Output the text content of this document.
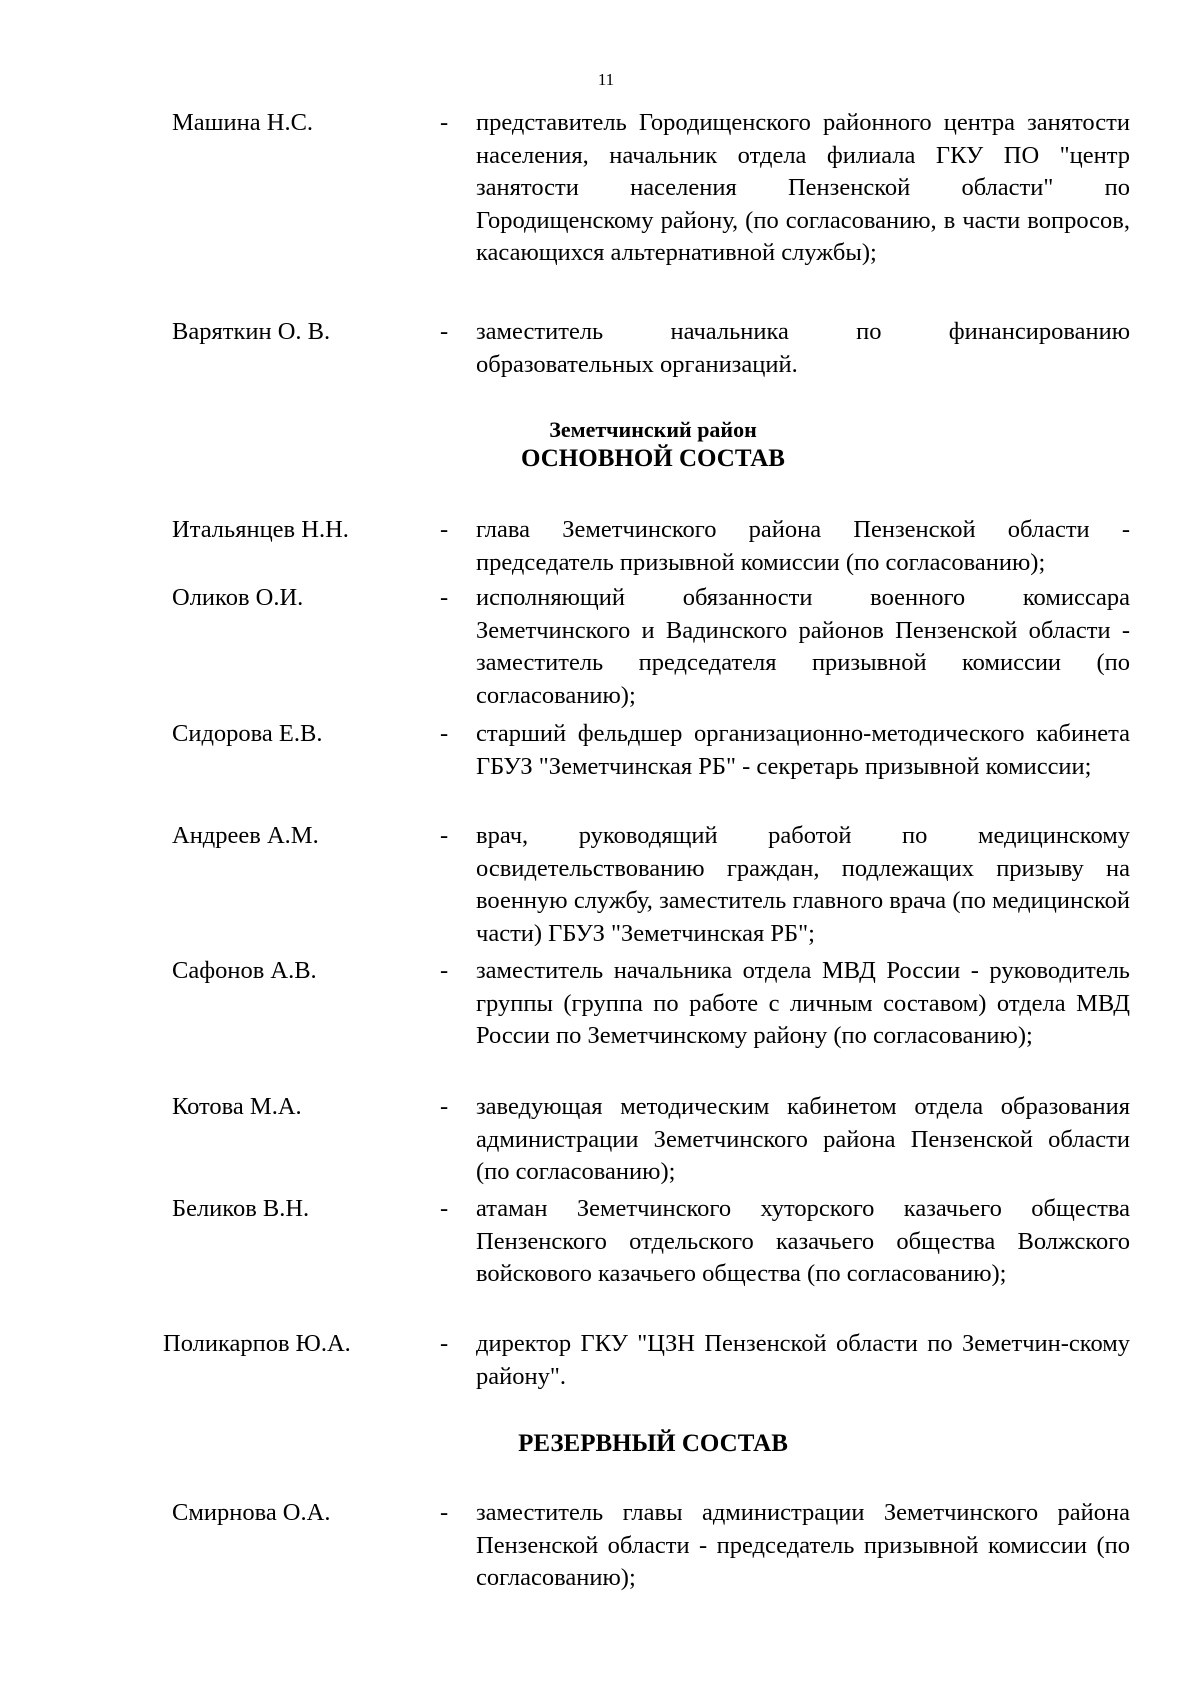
11
Машина Н.С.	- представитель Городищенского районного центра занятости населения, начальник отдела филиала ГКУ ПО "центр занятости населения Пензенской области" по Городищенскому району, (по согласованию, в части вопросов, касающихся альтернативной службы);
Варяткин О. В.	- заместитель начальника по финансированию образовательных организаций.
Земетчинский район
ОСНОВНОЙ СОСТАВ
Итальянцев Н.Н.	- глава Земетчинского района Пензенской области - председатель призывной комиссии (по согласованию);
Оликов О.И.	- исполняющий обязанности военного комиссара Земетчинского и Вадинского районов Пензенской области - заместитель председателя призывной комиссии (по согласованию);
Сидорова Е.В.	- старший фельдшер организационно-методического кабинета ГБУЗ "Земетчинская РБ" - секретарь призывной комиссии;
Андреев А.М.	- врач, руководящий работой по медицинскому освидетельствованию граждан, подлежащих призыву на военную службу, заместитель главного врача (по медицинской части) ГБУЗ "Земетчинская РБ";
Сафонов А.В.	- заместитель начальника отдела МВД России - руководитель группы (группа по работе с личным составом) отдела МВД России по Земетчинскому району (по согласованию);
Котова М.А.	- заведующая методическим кабинетом отдела образования администрации Земетчинского района Пензенской области (по согласованию);
Беликов В.Н.	- атаман Земетчинского хуторского казачьего общества Пензенского отдельского казачьего общества Волжского войскового казачьего общества (по согласованию);
Поликарпов Ю.А.	- директор ГКУ "ЦЗН Пензенской области по Земетчин-скому району".
РЕЗЕРВНЫЙ СОСТАВ
Смирнова О.А.	- заместитель главы администрации Земетчинского района Пензенской области - председатель призывной комиссии (по согласованию);
